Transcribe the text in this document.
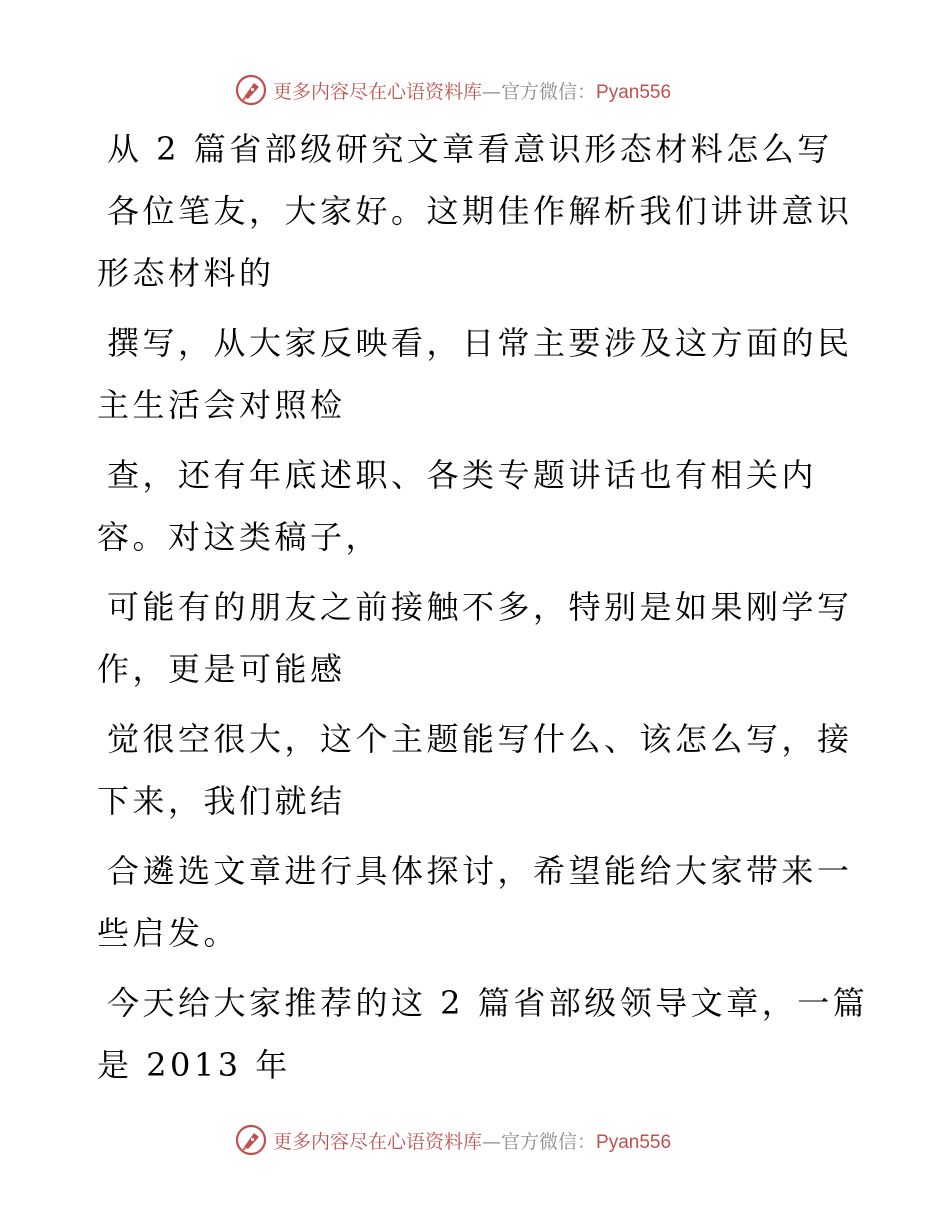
更多内容尽在心语资料库—官方微信：Pyan556

从 2 篇省部级研究文章看意识形态材料怎么写

各位笔友，大家好。这期佳作解析我们讲讲意识

形态材料的

撰写，从大家反映看，日常主要涉及这方面的民

主生活会对照检

查，还有年底述职、各类专题讲话也有相关内

容。对这类稿子，

可能有的朋友之前接触不多，特别是如果刚学写

作，更是可能感

觉很空很大，这个主题能写什么、该怎么写，接

下来，我们就结

合遴选文章进行具体探讨，希望能给大家带来一

些启发。

今天给大家推荐的这 2 篇省部级领导文章，一篇

是 2013 年

更多内容尽在心语资料库—官方微信：Pyan556
